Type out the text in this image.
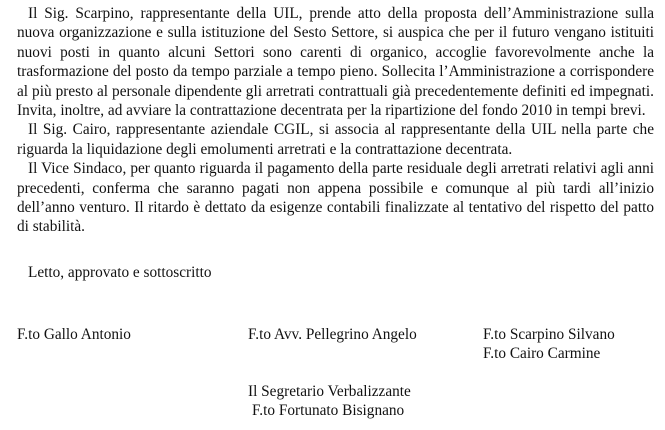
Il Sig. Scarpino, rappresentante della UIL, prende atto della proposta dell’Amministrazione sulla nuova organizzazione e sulla istituzione del Sesto Settore, si auspica che per il futuro vengano istituiti nuovi posti in quanto alcuni Settori sono carenti di organico, accoglie favorevolmente anche la trasformazione del posto da tempo parziale a tempo pieno. Sollecita l’Amministrazione a corrispondere al più presto al personale dipendente gli arretrati contrattuali già precedentemente definiti ed impegnati. Invita, inoltre, ad avviare la contrattazione decentrata per la ripartizione del fondo 2010 in tempi brevi.

Il Sig. Cairo, rappresentante aziendale CGIL, si associa al rappresentante della UIL nella parte che riguarda la liquidazione degli emolumenti arretrati e la contrattazione decentrata.

Il Vice Sindaco, per quanto riguarda il pagamento della parte residuale degli arretrati relativi agli anni precedenti, conferma che saranno pagati non appena possibile e comunque al più tardi all’inizio dell’anno venturo. Il ritardo è dettato da esigenze contabili finalizzate al tentativo del rispetto del patto di stabilità.

Letto, approvato e sottoscritto

F.to Gallo Antonio	F.to Avv. Pellegrino Angelo	F.to Scarpino Silvano

F.to Cairo Carmine

Il Segretario Verbalizzante
F.to Fortunato Bisignano
